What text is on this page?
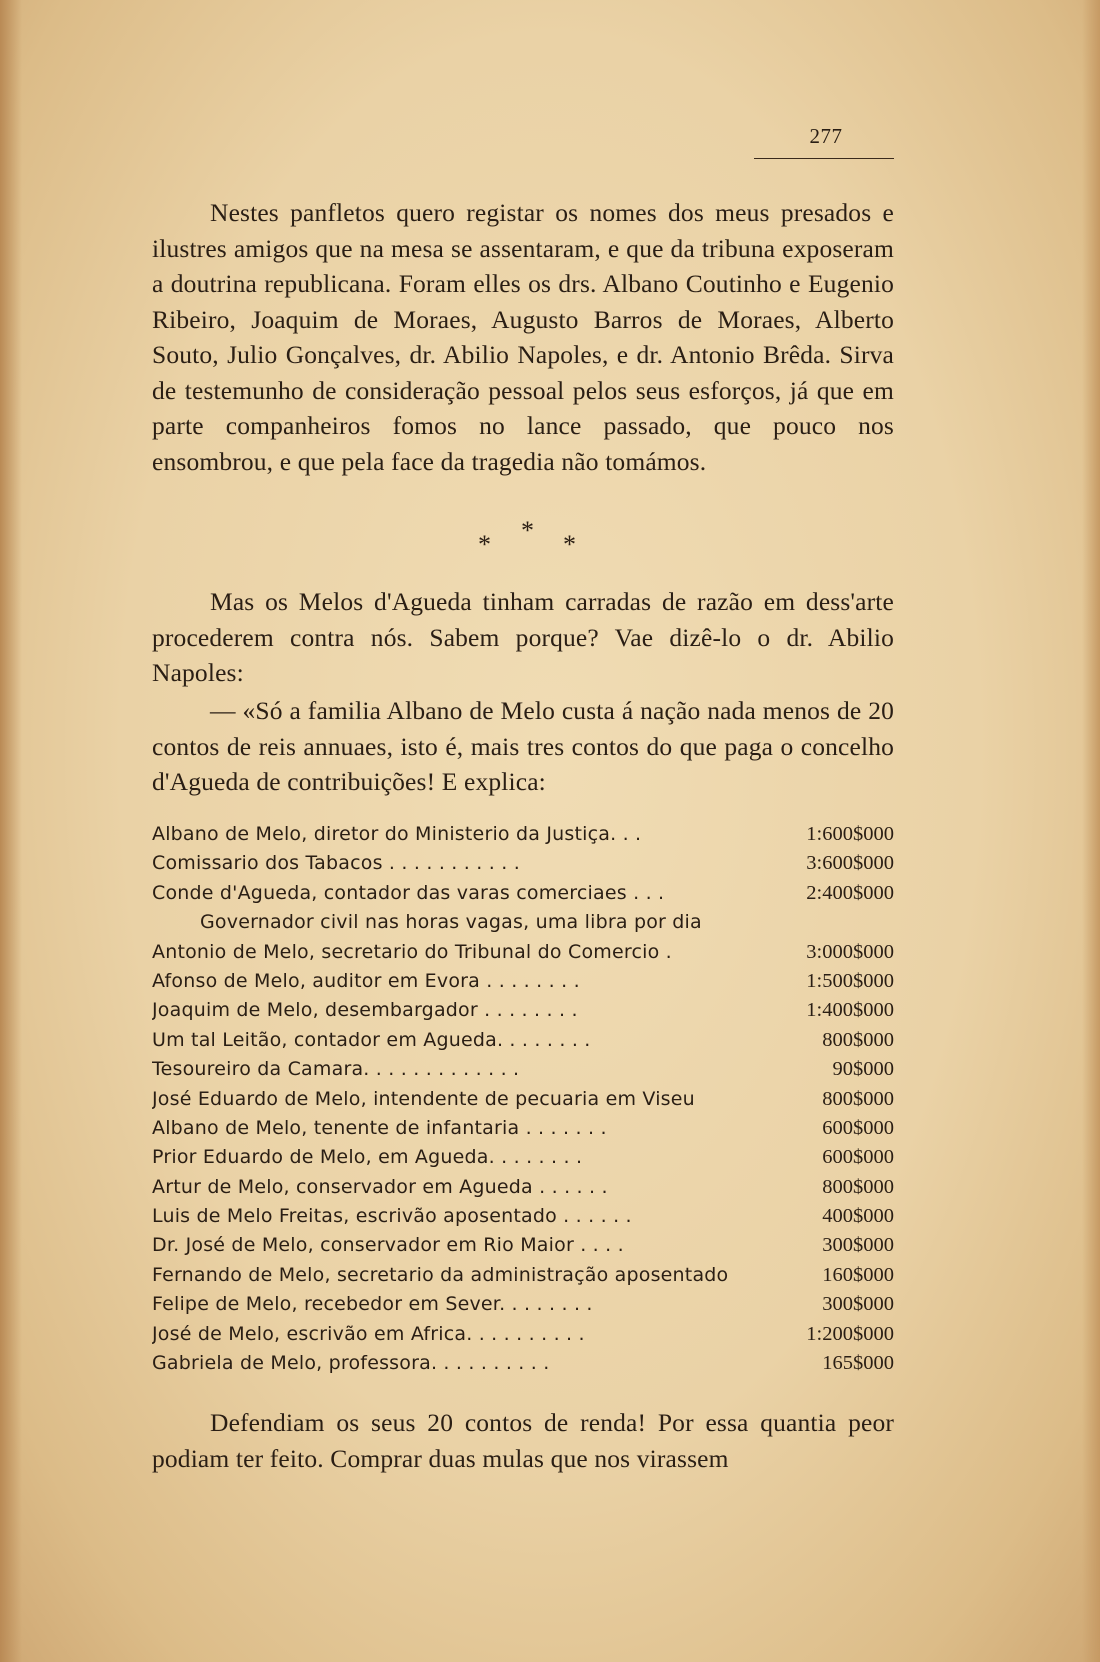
277

Nestes panfletos quero registar os nomes dos meus presados e ilustres amigos que na mesa se assentaram, e que da tribuna exposeram a doutrina republicana. Foram elles os drs. Albano Coutinho e Eugenio Ribeiro, Joaquim de Moraes, Augusto Barros de Moraes, Alberto Souto, Julio Gonçalves, dr. Abilio Napoles, e dr. Antonio Brêda. Sirva de testemunho de consideração pessoal pelos seus esforços, já que em parte companheiros fomos no lance passado, que pouco nos ensombrou, e que pela face da tragedia não tomámos.

*
*	*

Mas os Melos d'Agueda tinham carradas de razão em dess'arte procederem contra nós. Sabem porque? Vae dizê-lo o dr. Abilio Napoles:

— «Só a familia Albano de Melo custa á nação nada menos de 20 contos de reis annuaes, isto é, mais tres contos do que paga o concelho d'Agueda de contribuições! E explica:

Albano de Melo, diretor do Ministerio da Justiça. . .	1:600$000
Comissario dos Tabacos . . . . . . . . . . .	3:600$000
Conde d'Agueda, contador das varas comerciaes . . .	2:400$000
Governador civil nas horas vagas, uma libra por dia
Antonio de Melo, secretario do Tribunal do Comercio .	3:000$000
Afonso de Melo, auditor em Evora . . . . . . . .	1:500$000
Joaquim de Melo, desembargador . . . . . . . .	1:400$000
Um tal Leitão, contador em Agueda. . . . . . . .	800$000
Tesoureiro da Camara. . . . . . . . . . . . .	90$000
José Eduardo de Melo, intendente de pecuaria em Viseu	800$000
Albano de Melo, tenente de infantaria . . . . . . .	600$000
Prior Eduardo de Melo, em Agueda. . . . . . . .	600$000
Artur de Melo, conservador em Agueda . . . . . .	800$000
Luis de Melo Freitas, escrivão aposentado . . . . . .	400$000
Dr. José de Melo, conservador em Rio Maior . . . .	300$000
Fernando de Melo, secretario da administração aposentado	160$000
Felipe de Melo, recebedor em Sever. . . . . . . .	300$000
José de Melo, escrivão em Africa. . . . . . . . . .	1:200$000
Gabriela de Melo, professora. . . . . . . . . .	165$000

Defendiam os seus 20 contos de renda! Por essa quantia peor podiam ter feito. Comprar duas mulas que nos virassem
